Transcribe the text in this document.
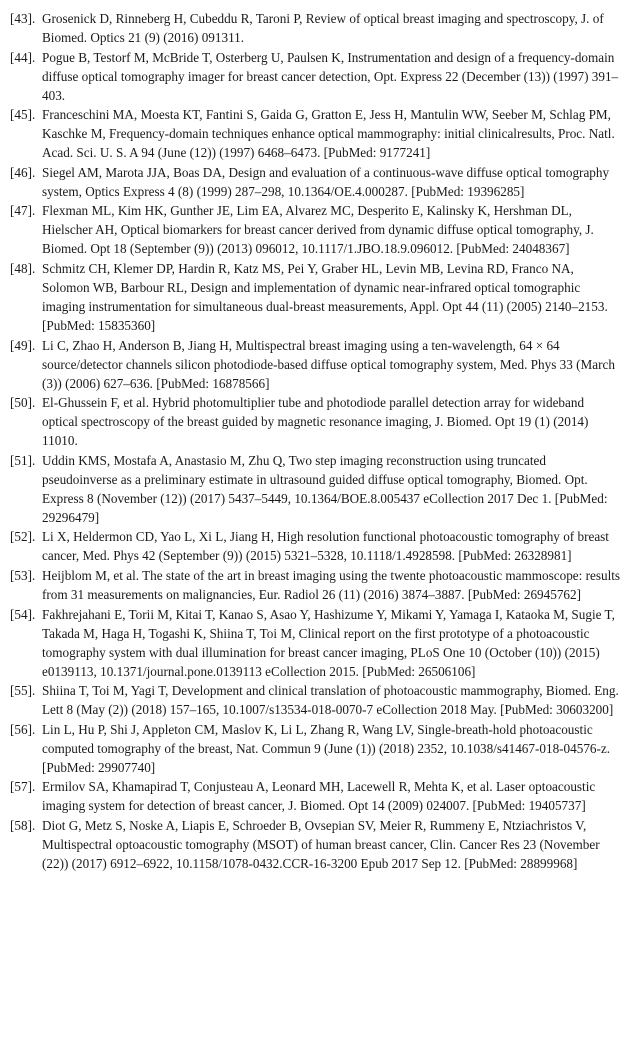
[43]. Grosenick D, Rinneberg H, Cubeddu R, Taroni P, Review of optical breast imaging and spectroscopy, J. of Biomed. Optics 21 (9) (2016) 091311.
[44]. Pogue B, Testorf M, McBride T, Osterberg U, Paulsen K, Instrumentation and design of a frequency-domain diffuse optical tomography imager for breast cancer detection, Opt. Express 22 (December (13)) (1997) 391–403.
[45]. Franceschini MA, Moesta KT, Fantini S, Gaida G, Gratton E, Jess H, Mantulin WW, Seeber M, Schlag PM, Kaschke M, Frequency-domain techniques enhance optical mammography: initial clinicalresults, Proc. Natl. Acad. Sci. U. S. A 94 (June (12)) (1997) 6468–6473. [PubMed: 9177241]
[46]. Siegel AM, Marota JJA, Boas DA, Design and evaluation of a continuous-wave diffuse optical tomography system, Optics Express 4 (8) (1999) 287–298, 10.1364/OE.4.000287. [PubMed: 19396285]
[47]. Flexman ML, Kim HK, Gunther JE, Lim EA, Alvarez MC, Desperito E, Kalinsky K, Hershman DL, Hielscher AH, Optical biomarkers for breast cancer derived from dynamic diffuse optical tomography, J. Biomed. Opt 18 (September (9)) (2013) 096012, 10.1117/1.JBO.18.9.096012. [PubMed: 24048367]
[48]. Schmitz CH, Klemer DP, Hardin R, Katz MS, Pei Y, Graber HL, Levin MB, Levina RD, Franco NA, Solomon WB, Barbour RL, Design and implementation of dynamic near-infrared optical tomographic imaging instrumentation for simultaneous dual-breast measurements, Appl. Opt 44 (11) (2005) 2140–2153. [PubMed: 15835360]
[49]. Li C, Zhao H, Anderson B, Jiang H, Multispectral breast imaging using a ten-wavelength, 64 × 64 source/detector channels silicon photodiode-based diffuse optical tomography system, Med. Phys 33 (March (3)) (2006) 627–636. [PubMed: 16878566]
[50]. El-Ghussein F, et al. Hybrid photomultiplier tube and photodiode parallel detection array for wideband optical spectroscopy of the breast guided by magnetic resonance imaging, J. Biomed. Opt 19 (1) (2014) 11010.
[51]. Uddin KMS, Mostafa A, Anastasio M, Zhu Q, Two step imaging reconstruction using truncated pseudoinverse as a preliminary estimate in ultrasound guided diffuse optical tomography, Biomed. Opt. Express 8 (November (12)) (2017) 5437–5449, 10.1364/BOE.8.005437 eCollection 2017 Dec 1. [PubMed: 29296479]
[52]. Li X, Heldermon CD, Yao L, Xi L, Jiang H, High resolution functional photoacoustic tomography of breast cancer, Med. Phys 42 (September (9)) (2015) 5321–5328, 10.1118/1.4928598. [PubMed: 26328981]
[53]. Heijblom M, et al. The state of the art in breast imaging using the twente photoacoustic mammoscope: results from 31 measurements on malignancies, Eur. Radiol 26 (11) (2016) 3874–3887. [PubMed: 26945762]
[54]. Fakhrejahani E, Torii M, Kitai T, Kanao S, Asao Y, Hashizume Y, Mikami Y, Yamaga I, Kataoka M, Sugie T, Takada M, Haga H, Togashi K, Shiina T, Toi M, Clinical report on the first prototype of a photoacoustic tomography system with dual illumination for breast cancer imaging, PLoS One 10 (October (10)) (2015) e0139113, 10.1371/journal.pone.0139113 eCollection 2015. [PubMed: 26506106]
[55]. Shiina T, Toi M, Yagi T, Development and clinical translation of photoacoustic mammography, Biomed. Eng. Lett 8 (May (2)) (2018) 157–165, 10.1007/s13534-018-0070-7 eCollection 2018 May. [PubMed: 30603200]
[56]. Lin L, Hu P, Shi J, Appleton CM, Maslov K, Li L, Zhang R, Wang LV, Single-breath-hold photoacoustic computed tomography of the breast, Nat. Commun 9 (June (1)) (2018) 2352, 10.1038/s41467-018-04576-z. [PubMed: 29907740]
[57]. Ermilov SA, Khamapirad T, Conjusteau A, Leonard MH, Lacewell R, Mehta K, et al. Laser optoacoustic imaging system for detection of breast cancer, J. Biomed. Opt 14 (2009) 024007. [PubMed: 19405737]
[58]. Diot G, Metz S, Noske A, Liapis E, Schroeder B, Ovsepian SV, Meier R, Rummeny E, Ntziachristos V, Multispectral optoacoustic tomography (MSOT) of human breast cancer, Clin. Cancer Res 23 (November (22)) (2017) 6912–6922, 10.1158/1078-0432.CCR-16-3200 Epub 2017 Sep 12. [PubMed: 28899968]
